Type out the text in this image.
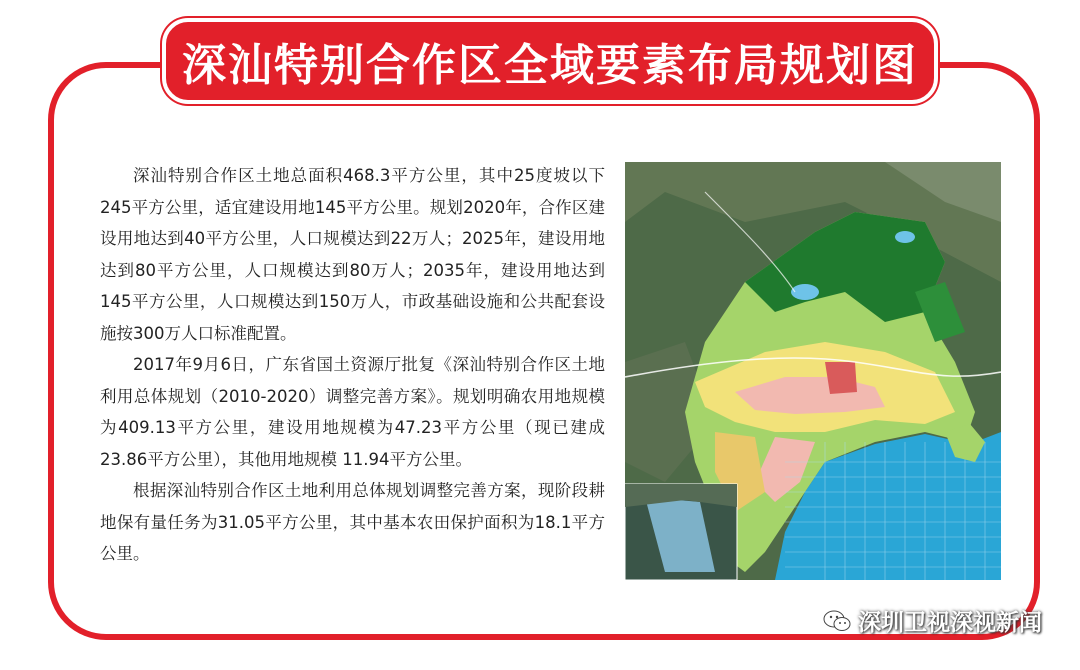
深汕特别合作区全域要素布局规划图

深汕特别合作区土地总面积468.3平方公里，其中25度坡以下245平方公里，适宜建设用地145平方公里。规划2020年，合作区建设用地达到40平方公里，人口规模达到22万人；2025年，建设用地达到80平方公里，人口规模达到80万人；2035年，建设用地达到145平方公里，人口规模达到150万人，市政基础设施和公共配套设施按300万人口标准配置。

2017年9月6日，广东省国土资源厅批复《深汕特别合作区土地利用总体规划（2010-2020）调整完善方案》。规划明确农用地规模为409.13平方公里，建设用地规模为47.23平方公里（现已建成 23.86平方公里），其他用地规模 11.94平方公里。

根据深汕特别合作区土地利用总体规划调整完善方案，现阶段耕地保有量任务为31.05平方公里，其中基本农田保护面积为18.1平方公里。

深圳卫视深视新闻
